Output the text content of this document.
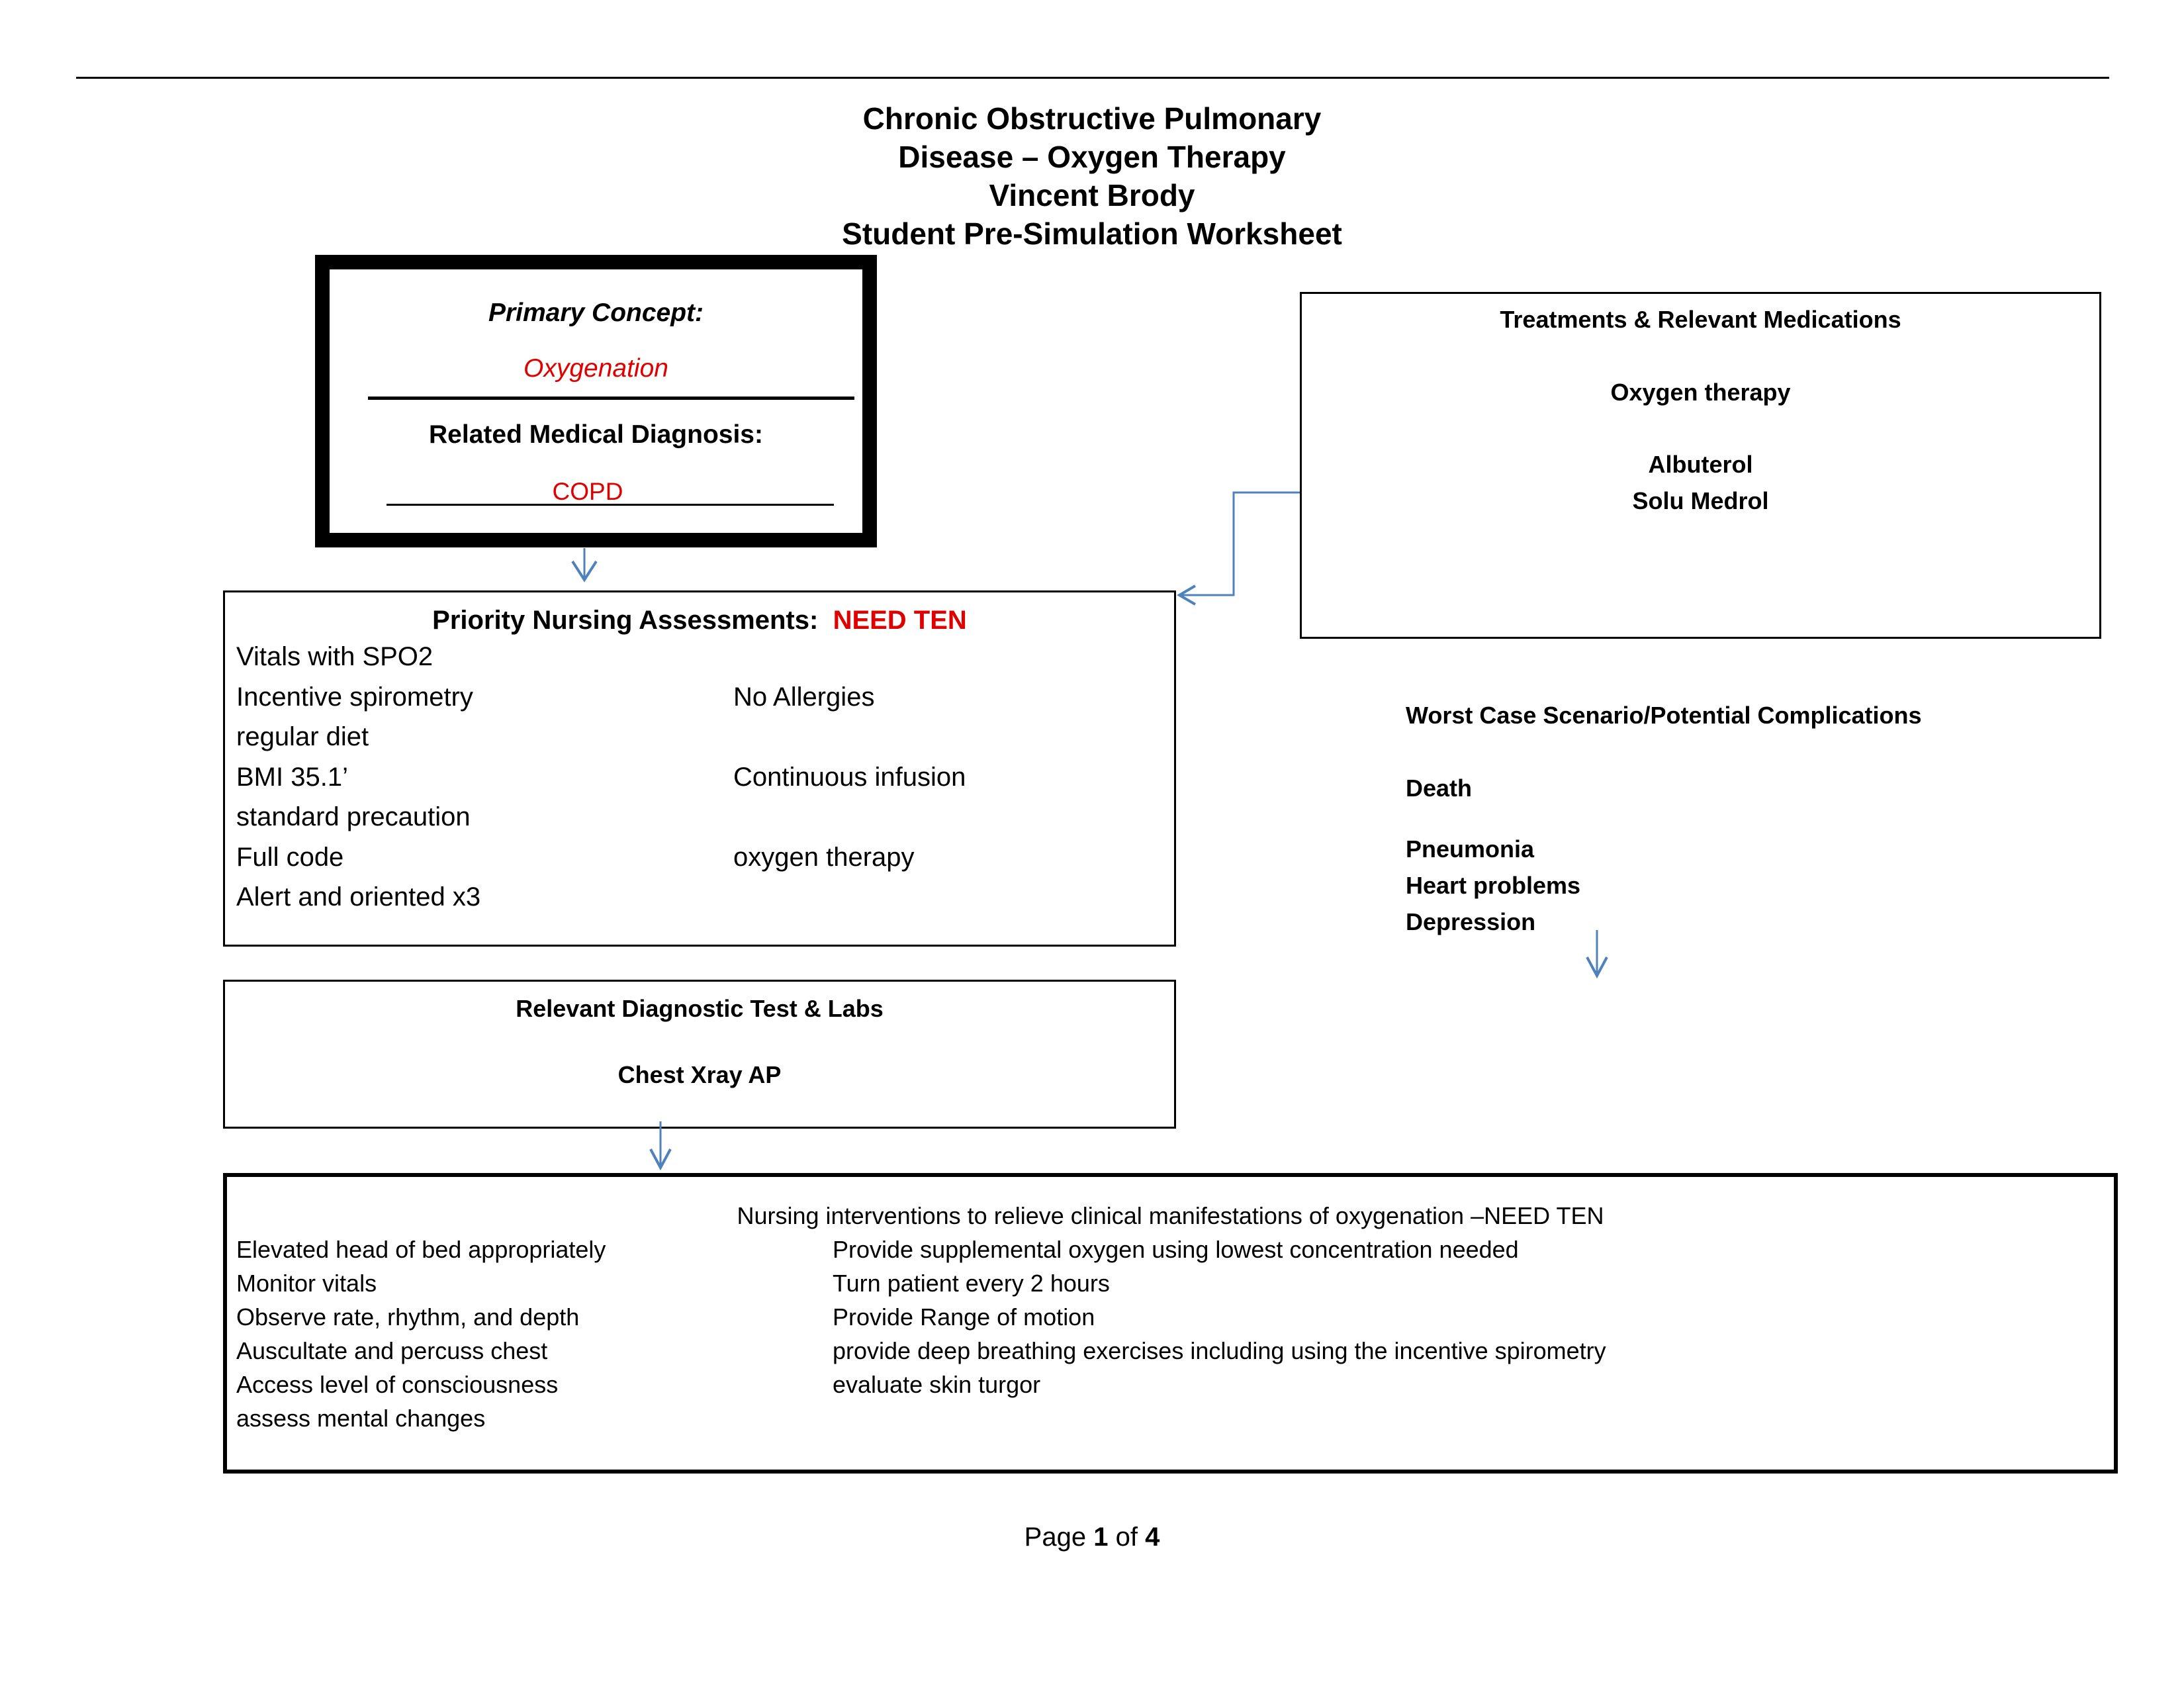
Chronic Obstructive Pulmonary
Disease – Oxygen Therapy
Vincent Brody
Student Pre-Simulation Worksheet
Primary Concept:
Oxygenation
Related Medical Diagnosis:
COPD
Treatments & Relevant Medications
Oxygen therapy
Albuterol
Solu Medrol
Priority Nursing Assessments: NEED TEN
Vitals with SPO2
Incentive spirometry
regular diet
BMI 35.1’
standard precaution
Full code
Alert and oriented x3
No Allergies
Continuous infusion
oxygen therapy
Worst Case Scenario/Potential Complications
Death
Pneumonia
Heart problems
Depression
Relevant Diagnostic Test & Labs
Chest Xray AP
Nursing interventions to relieve clinical manifestations of oxygenation –NEED TEN
Elevated head of bed appropriately
Monitor vitals
Observe rate, rhythm, and depth
Auscultate and percuss chest
Access level of consciousness
assess mental changes
Provide supplemental oxygen using lowest concentration needed
Turn patient every 2 hours
Provide Range of motion
provide deep breathing exercises including using the incentive spirometry
evaluate skin turgor
Page 1 of 4
